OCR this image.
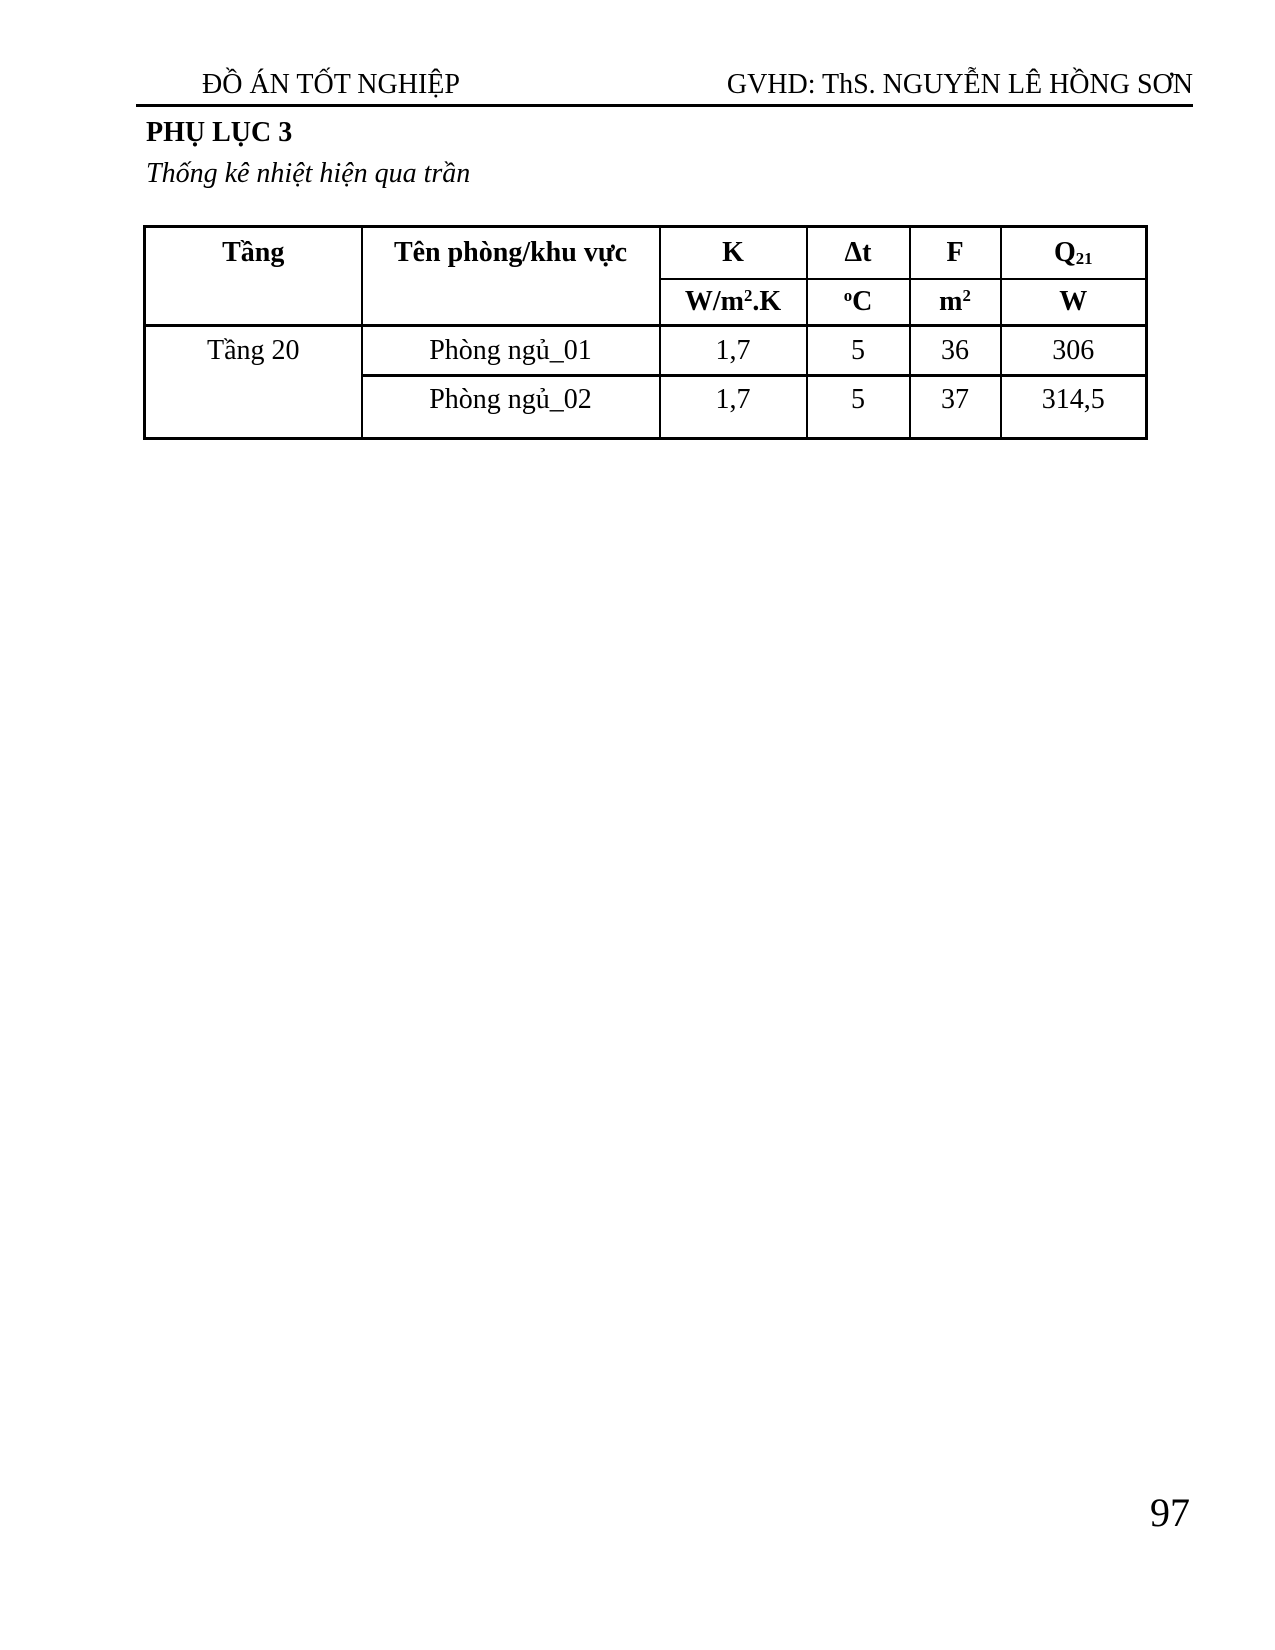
ĐỒ ÁN TỐT NGHIỆP	GVHD: ThS. NGUYỄN LÊ HỒNG SƠN
PHỤ LỤC 3
Thống kê nhiệt hiện qua trần
Tầng	Tên phòng/khu vực	K	Δt	F	$Q_{21}$
		$W/m^2.K$	$^o$C	$m^2$	W
Tầng 20	Phòng ngủ_01	1,7	5	36	306
	Phòng ngủ_02	1,7	5	37	314,5
97
